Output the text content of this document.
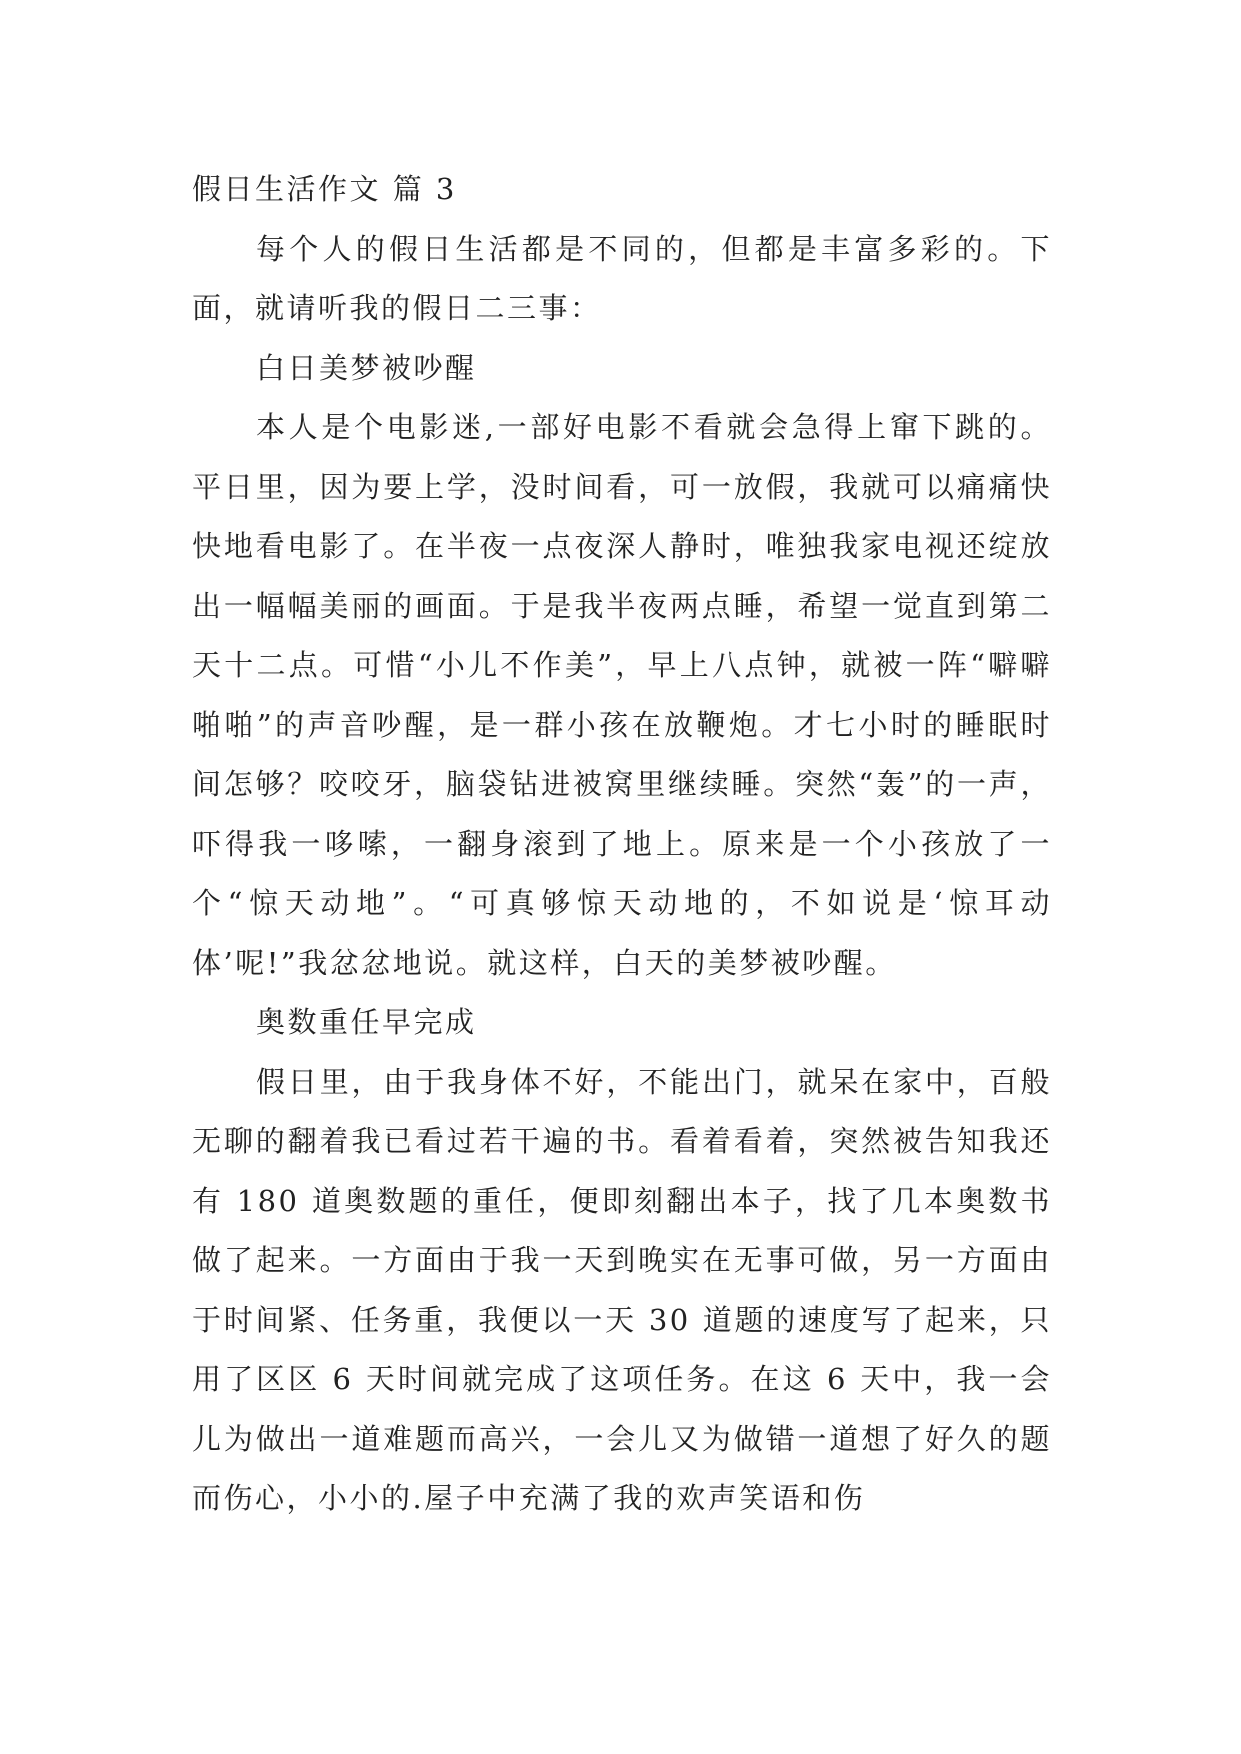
假日生活作文 篇 3

每个人的假日生活都是不同的，但都是丰富多彩的。下面，就请听我的假日二三事：

白日美梦被吵醒

本人是个电影迷,一部好电影不看就会急得上窜下跳的。平日里，因为要上学，没时间看，可一放假，我就可以痛痛快快地看电影了。在半夜一点夜深人静时，唯独我家电视还绽放出一幅幅美丽的画面。于是我半夜两点睡，希望一觉直到第二天十二点。可惜“小儿不作美”，早上八点钟，就被一阵“噼噼啪啪”的声音吵醒，是一群小孩在放鞭炮。才七小时的睡眠时间怎够？咬咬牙，脑袋钻进被窝里继续睡。突然“轰”的一声，吓得我一哆嗦，一翻身滚到了地上。原来是一个小孩放了一个“惊天动地”。“可真够惊天动地的，不如说是‘惊耳动体’呢!”我忿忿地说。就这样，白天的美梦被吵醒。

奥数重任早完成

假日里，由于我身体不好，不能出门，就呆在家中，百般无聊的翻着我已看过若干遍的书。看着看着，突然被告知我还有 180 道奥数题的重任，便即刻翻出本子，找了几本奥数书做了起来。一方面由于我一天到晚实在无事可做，另一方面由于时间紧、任务重，我便以一天 30 道题的速度写了起来，只用了区区 6 天时间就完成了这项任务。在这 6 天中，我一会儿为做出一道难题而高兴，一会儿又为做错一道想了好久的题而伤心，小小的.屋子中充满了我的欢声笑语和伤
